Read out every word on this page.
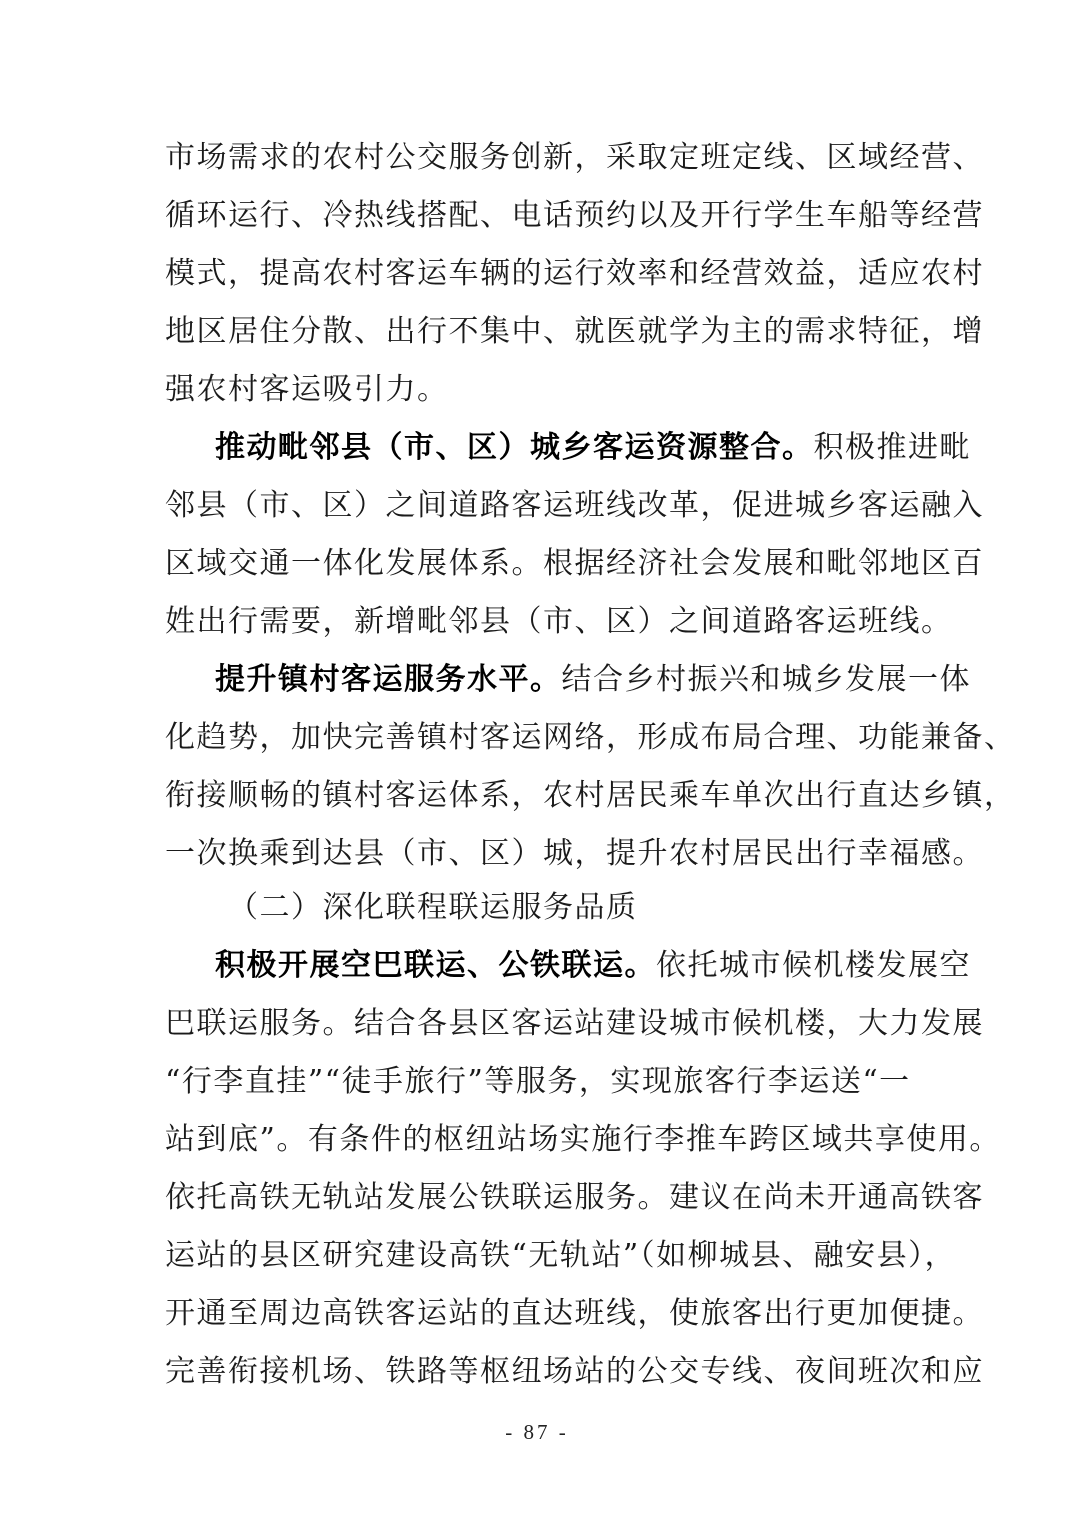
市场需求的农村公交服务创新，采取定班定线、区域经营、
循环运行、冷热线搭配、电话预约以及开行学生车船等经营
模式，提高农村客运车辆的运行效率和经营效益，适应农村
地区居住分散、出行不集中、就医就学为主的需求特征，增
强农村客运吸引力。
推动毗邻县（市、区）城乡客运资源整合。积极推进毗
邻县（市、区）之间道路客运班线改革，促进城乡客运融入
区域交通一体化发展体系。根据经济社会发展和毗邻地区百
姓出行需要，新增毗邻县（市、区）之间道路客运班线。
提升镇村客运服务水平。结合乡村振兴和城乡发展一体
化趋势，加快完善镇村客运网络，形成布局合理、功能兼备、
衔接顺畅的镇村客运体系，农村居民乘车单次出行直达乡镇，
一次换乘到达县（市、区）城，提升农村居民出行幸福感。
（二）深化联程联运服务品质
积极开展空巴联运、公铁联运。依托城市候机楼发展空
巴联运服务。结合各县区客运站建设城市候机楼，大力发展
“行李直挂”“徒手旅行”等服务，实现旅客行李运送“一
站到底”。有条件的枢纽站场实施行李推车跨区域共享使用。
依托高铁无轨站发展公铁联运服务。建议在尚未开通高铁客
运站的县区研究建设高铁“无轨站”（如柳城县、融安县），
开通至周边高铁客运站的直达班线，使旅客出行更加便捷。
完善衔接机场、铁路等枢纽场站的公交专线、夜间班次和应
- 87 -
